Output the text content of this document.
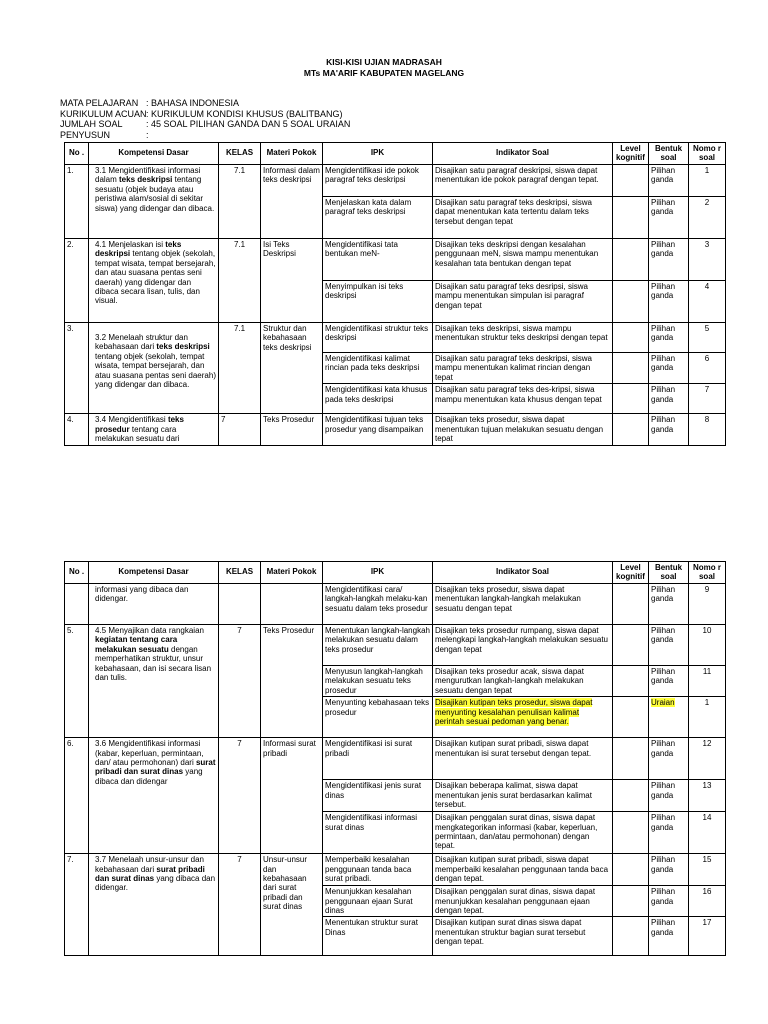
KISI-KISI UJIAN MADRASAH
MTs MA'ARIF KABUPATEN MAGELANG
MATA PELAJARAN : BAHASA INDONESIA
KURIKULUM ACUAN: KURIKULUM KONDISI KHUSUS (BALITBANG)
JUMLAH SOAL	: 45 SOAL PILIHAN GANDA DAN 5 SOAL URAIAN
PENYUSUN	:
No .	Kompetensi Dasar	KELAS	Materi Pokok	IPK	Indikator Soal	Level kognitif	Bentuk soal	Nomo r soal
1.	3.1 Mengidentifikasi informasi dalam teks deskripsi tentang sesuatu (objek budaya atau peristiwa alam/sosial di sekitar siswa) yang didengar dan dibaca.	7.1	Informasi dalam teks deskripsi	Mengidentifikasi ide pokok paragraf teks deskripsi	Disajikan satu paragraf deskripsi, siswa dapat menentukan ide pokok paragraf dengan tepat.		Pilihan ganda	1
				Menjelaskan kata dalam paragraf teks deskripsi	Disajikan satu paragraf teks deskripsi, siswa dapat menentukan kata tertentu dalam teks tersebut dengan tepat		Pilihan ganda	2
2.	4.1 Menjelaskan isi teks deskripsi tentang objek (sekolah, tempat wisata, tempat bersejarah, dan atau suasana pentas seni daerah) yang didengar dan dibaca secara lisan, tulis, dan visual.	7.1	Isi Teks Deskripsi	Mengidentifikasi tata bentukan meN-	Disajikan teks deskripsi dengan kesalahan penggunaan meN, siswa mampu menentukan kesalahan tata bentukan dengan tepat		Pilihan ganda	3
				Menyimpulkan isi teks deskripsi	Disajikan satu paragraf teks desripsi, siswa mampu menentukan simpulan isi paragraf dengan tepat		Pilihan ganda	4
3.	3.2 Menelaah struktur dan kebahasaan dari teks deskripsi tentang objek (sekolah, tempat wisata, tempat bersejarah, dan atau suasana pentas seni daerah) yang didengar dan dibaca.	7.1	Struktur dan kebahasaan teks deskripsi	Mengidentifikasi struktur teks deskripsi	Disajikan teks deskripsi, siswa mampu menentukan struktur teks deskripsi dengan tepat		Pilihan ganda	5
				Mengidentifikasi kalimat rincian pada teks deskripsi	Disajikan satu paragraf teks deskripsi, siswa mampu menentukan kalimat rincian dengan tepat		Pilihan ganda	6
				Mengidentifikasi kata khusus pada teks deskripsi	Disajikan satu paragraf teks des-kripsi, siswa mampu menentukan kata khusus dengan tepat		Pilihan ganda	7
4.	3.4 Mengidentifikasi teks prosedur tentang cara melakukan sesuatu dari	7	Teks Prosedur	Mengidentifikasi tujuan teks prosedur yang disampaikan	Disajikan teks prosedur, siswa dapat menentukan tujuan melakukan sesuatu dengan tepat		Pilihan ganda	8
No .	Kompetensi Dasar	KELAS	Materi Pokok	IPK	Indikator Soal	Level kognitif	Bentuk soal	Nomo r soal
	informasi yang dibaca dan didengar.			Mengidentifikasi cara/ langkah-langkah melaku-kan sesuatu dalam teks prosedur	Disajikan teks prosedur, siswa dapat menentukan langkah-langkah melakukan sesuatu dengan tepat		Pilihan ganda	9
5.	4.5 Menyajikan data rangkaian kegiatan tentang cara melakukan sesuatu dengan memperhatikan struktur, unsur kebahasaan, dan isi secara lisan dan tulis.	7	Teks Prosedur	Menentukan langkah-langkah melakukan sesuatu dalam teks prosedur	Disajikan teks prosedur rumpang, siswa dapat melengkapi langkah-langkah melakukan sesuatu dengan tepat		Pilihan ganda	10
				Menyusun langkah-langkah melakukan sesuatu teks prosedur	Disajikan teks prosedur acak, siswa dapat mengurutkan langkah-langkah melakukan sesuatu dengan tepat		Pilihan ganda	11
				Menyunting kebahasaan teks prosedur	Disajikan kutipan teks prosedur, siswa dapat menyunting kesalahan penulisan kalimat perintah sesuai pedoman yang benar.		Uraian	1
6.	3.6 Mengidentifikasi informasi (kabar, keperluan, permintaan, dan/ atau permohonan) dari surat pribadi dan surat dinas yang dibaca dan didengar	7	Informasi surat pribadi	Mengidentifikasi isi surat pribadi	Disajikan kutipan surat pribadi, siswa dapat menentukan isi surat tersebut dengan tepat.		Pilihan ganda	12
				Mengidentifikasi jenis surat dinas	Disajikan beberapa kalimat, siswa dapat menentukan jenis surat berdasarkan kalimat tersebut.		Pilihan ganda	13
				Mengidentifikasi informasi surat dinas	Disajikan penggalan surat dinas, siswa dapat mengkategorikan informasi (kabar, keperluan, permintaan, dan/atau permohonan) dengan tepat.		Pilihan ganda	14
7.	3.7 Menelaah unsur-unsur dan kebahasaan dari surat pribadi dan surat dinas yang dibaca dan didengar.	7	Unsur-unsur dan kebahasaan dari surat pribadi dan surat dinas	Memperbaiki kesalahan penggunaan tanda baca surat pribadi.	Disajikan kutipan surat pribadi, siswa dapat memperbaiki kesalahan penggunaan tanda baca dengan tepat.		Pilihan ganda	15
				Menunjukkan kesalahan penggunaan ejaan Surat dinas	Disajikan penggalan surat dinas, siswa dapat menunjukkan kesalahan penggunaan ejaan dengan tepat.		Pilihan ganda	16
				Menentukan struktur surat Dinas	Disajikan kutipan surat dinas siswa dapat menentukan struktur bagian surat tersebut dengan tepat.		Pilihan ganda	17
